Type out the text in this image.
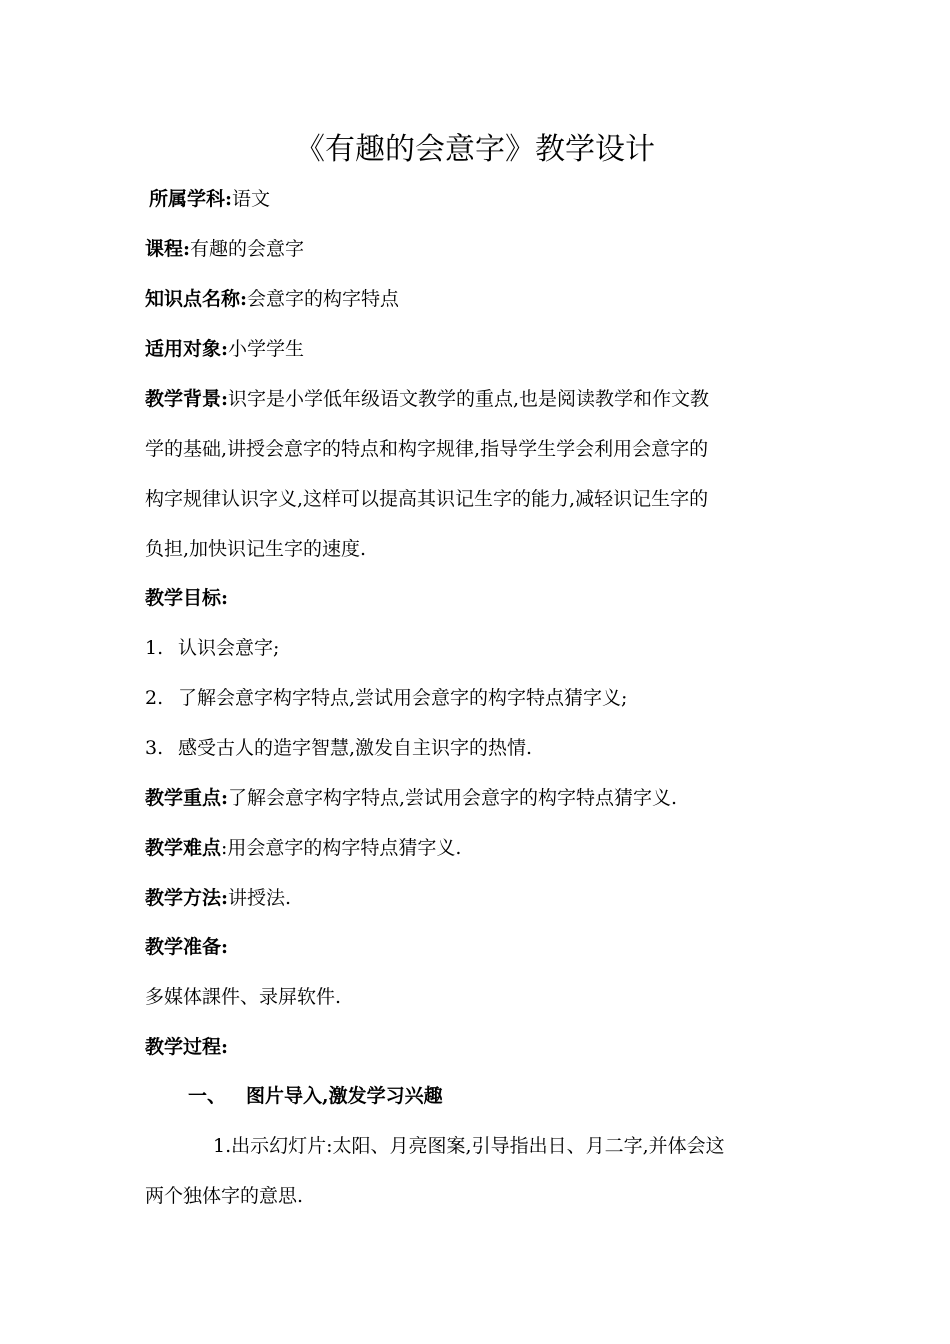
《有趣的会意字》教学设计
所属学科:语文
课程:有趣的会意字
知识点名称:会意字的构字特点
适用对象:小学学生
教学背景:识字是小学低年级语文教学的重点,也是阅读教学和作文教
学的基础,讲授会意字的特点和构字规律,指导学生学会利用会意字的
构字规律认识字义,这样可以提高其识记生字的能力,减轻识记生字的
负担,加快识记生字的速度.
教学目标:
1. 认识会意字;
2. 了解会意字构字特点,尝试用会意字的构字特点猜字义;
3. 感受古人的造字智慧,激发自主识字的热情.
教学重点:了解会意字构字特点,尝试用会意字的构字特点猜字义.
教学难点:用会意字的构字特点猜字义.
教学方法:讲授法.
教学准备:
多媒体課件、录屏软件.
教学过程:
一、 图片导入,激发学习兴趣
1.出示幻灯片:太阳、月亮图案,引导指出日、月二字,并体会这
两个独体字的意思.
